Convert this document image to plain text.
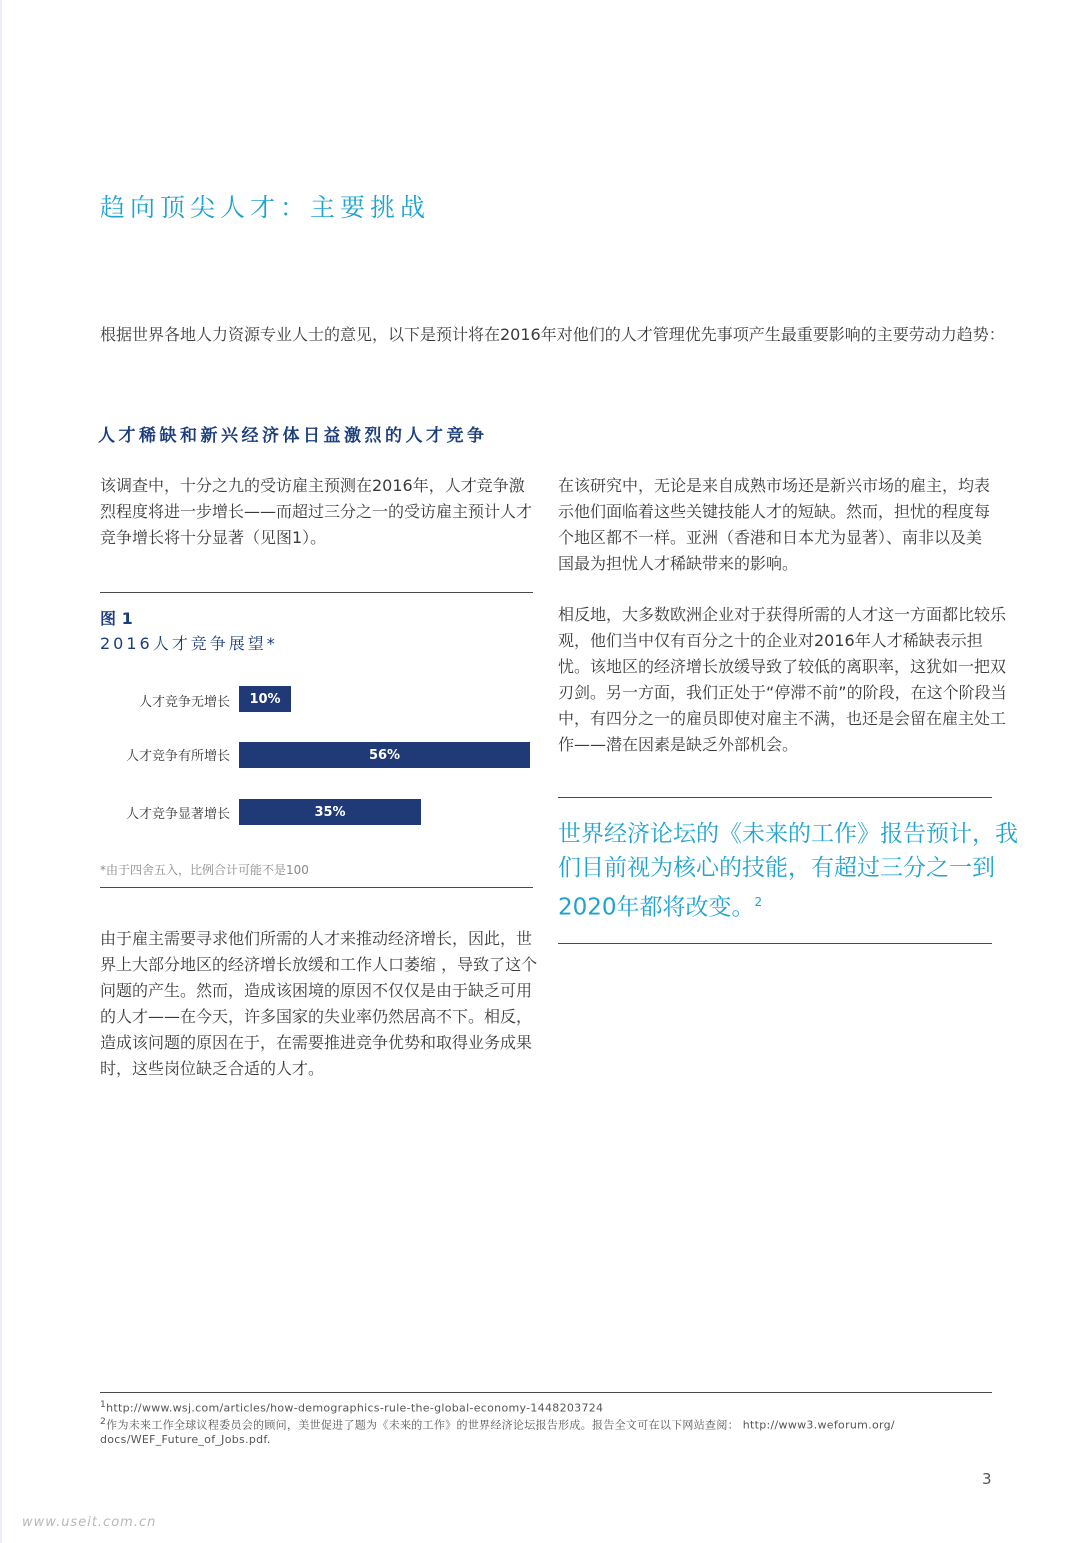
趋向顶尖人才：主要挑战

根据世界各地人力资源专业人士的意见，以下是预计将在2016年对他们的人才管理优先事项产生最重要影响的主要劳动力趋势：

人才稀缺和新兴经济体日益激烈的人才竞争

该调查中，十分之九的受访雇主预测在2016年，人才竞争激烈程度将进一步增长——而超过三分之一的受访雇主预计人才竞争增长将十分显著（见图1）。

图 1
2016人才竞争展望*
人才竞争无增长	10%
人才竞争有所增长	56%
人才竞争显著增长	35%
*由于四舍五入，比例合计可能不是100

由于雇主需要寻求他们所需的人才来推动经济增长，因此，世界上大部分地区的经济增长放缓和工作人口萎缩 ，导致了这个问题的产生。然而，造成该困境的原因不仅仅是由于缺乏可用的人才——在今天，许多国家的失业率仍然居高不下。相反，造成该问题的原因在于，在需要推进竞争优势和取得业务成果时，这些岗位缺乏合适的人才。

在该研究中，无论是来自成熟市场还是新兴市场的雇主，均表示他们面临着这些关键技能人才的短缺。然而，担忧的程度每个地区都不一样。亚洲（香港和日本尤为显著）、南非以及美国最为担忧人才稀缺带来的影响。

相反地，大多数欧洲企业对于获得所需的人才这一方面都比较乐观，他们当中仅有百分之十的企业对2016年人才稀缺表示担忧。该地区的经济增长放缓导致了较低的离职率，这犹如一把双刃剑。另一方面，我们正处于“停滞不前”的阶段，在这个阶段当中，有四分之一的雇员即使对雇主不满，也还是会留在雇主处工作——潜在因素是缺乏外部机会。

世界经济论坛的《未来的工作》报告预计，我们目前视为核心的技能，有超过三分之一到2020年都将改变。$^2$

$^1$http://www.wsj.com/articles/how-demographics-rule-the-global-economy-1448203724
$^2$作为未来工作全球议程委员会的顾问，美世促进了题为《未来的工作》的世界经济论坛报告形成。报告全文可在以下网站查阅： http://www3.weforum.org/
docs/WEF_Future_of_Jobs.pdf.
3
www.useit.com.cn
